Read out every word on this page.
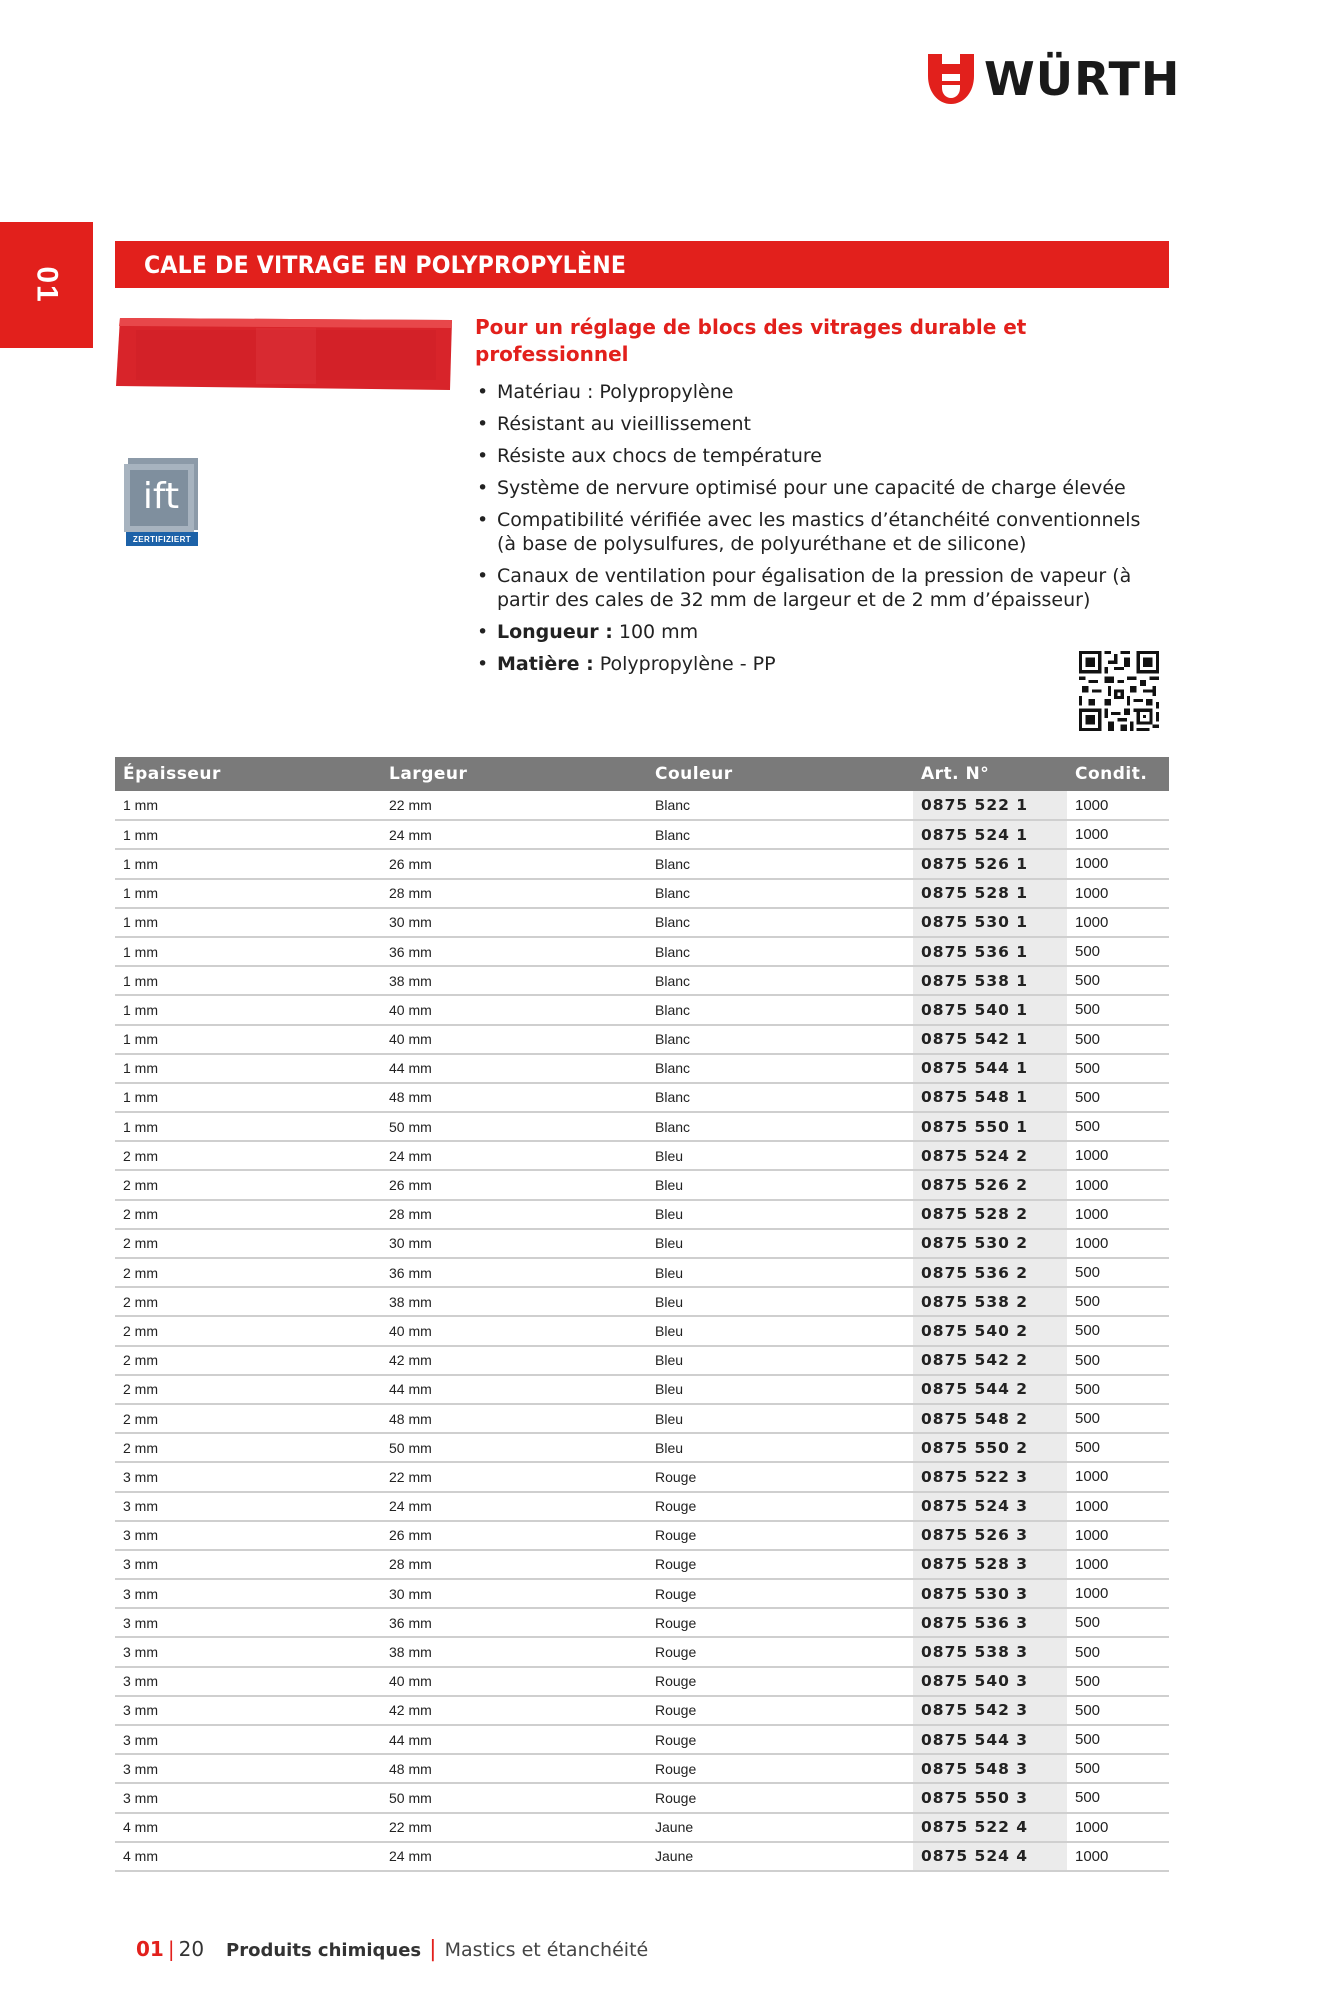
01
WÜRTH
CALE DE VITRAGE EN POLYPROPYLÈNE
ift
ZERTIFIZIERT
Pour un réglage de blocs des vitrages durable et professionnel
• Matériau : Polypropylène
• Résistant au vieillissement
• Résiste aux chocs de température
• Système de nervure optimisé pour une capacité de charge élevée
• Compatibilité vérifiée avec les mastics d’étanchéité conventionnels (à base de polysulfures, de polyuréthane et de silicone)
• Canaux de ventilation pour égalisation de la pression de vapeur (à partir des cales de 32 mm de largeur et de 2 mm d’épaisseur)
• Longueur : 100 mm
• Matière : Polypropylène - PP
Épaisseur	Largeur	Couleur	Art. N°	Condit.
1 mm	22 mm	Blanc	0875 522 1	1000
1 mm	24 mm	Blanc	0875 524 1	1000
1 mm	26 mm	Blanc	0875 526 1	1000
1 mm	28 mm	Blanc	0875 528 1	1000
1 mm	30 mm	Blanc	0875 530 1	1000
1 mm	36 mm	Blanc	0875 536 1	500
1 mm	38 mm	Blanc	0875 538 1	500
1 mm	40 mm	Blanc	0875 540 1	500
1 mm	40 mm	Blanc	0875 542 1	500
1 mm	44 mm	Blanc	0875 544 1	500
1 mm	48 mm	Blanc	0875 548 1	500
1 mm	50 mm	Blanc	0875 550 1	500
2 mm	24 mm	Bleu	0875 524 2	1000
2 mm	26 mm	Bleu	0875 526 2	1000
2 mm	28 mm	Bleu	0875 528 2	1000
2 mm	30 mm	Bleu	0875 530 2	1000
2 mm	36 mm	Bleu	0875 536 2	500
2 mm	38 mm	Bleu	0875 538 2	500
2 mm	40 mm	Bleu	0875 540 2	500
2 mm	42 mm	Bleu	0875 542 2	500
2 mm	44 mm	Bleu	0875 544 2	500
2 mm	48 mm	Bleu	0875 548 2	500
2 mm	50 mm	Bleu	0875 550 2	500
3 mm	22 mm	Rouge	0875 522 3	1000
3 mm	24 mm	Rouge	0875 524 3	1000
3 mm	26 mm	Rouge	0875 526 3	1000
3 mm	28 mm	Rouge	0875 528 3	1000
3 mm	30 mm	Rouge	0875 530 3	1000
3 mm	36 mm	Rouge	0875 536 3	500
3 mm	38 mm	Rouge	0875 538 3	500
3 mm	40 mm	Rouge	0875 540 3	500
3 mm	42 mm	Rouge	0875 542 3	500
3 mm	44 mm	Rouge	0875 544 3	500
3 mm	48 mm	Rouge	0875 548 3	500
3 mm	50 mm	Rouge	0875 550 3	500
4 mm	22 mm	Jaune	0875 522 4	1000
4 mm	24 mm	Jaune	0875 524 4	1000
01 | 20 Produits chimiques | Mastics et étanchéité
